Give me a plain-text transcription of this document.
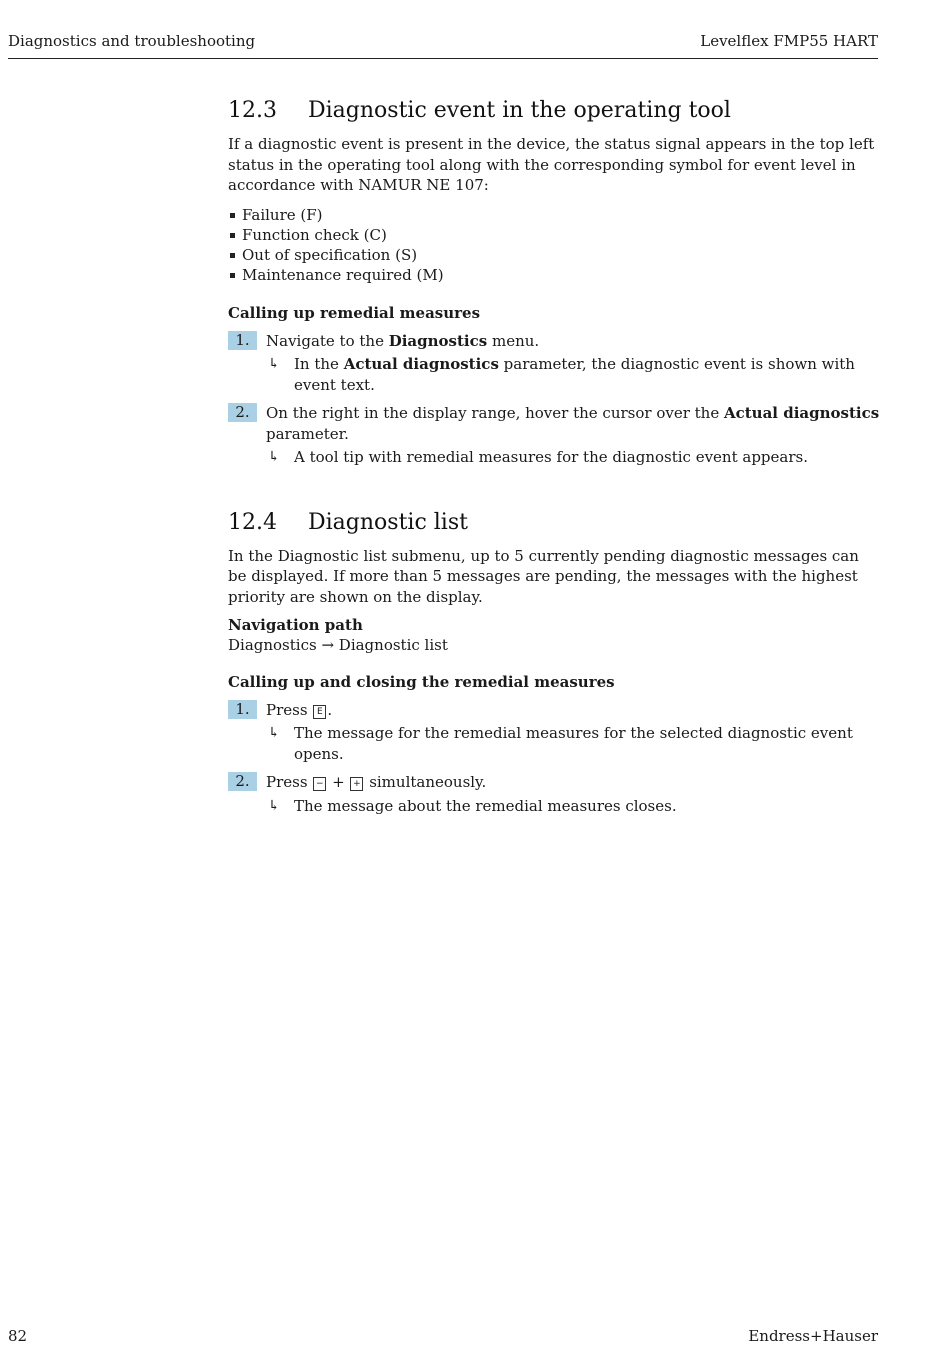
Diagnostics and troubleshooting	Levelflex FMP55 HART
12.3 Diagnostic event in the operating tool

If a diagnostic event is present in the device, the status signal appears in the top left status in the operating tool along with the corresponding symbol for event level in accordance with NAMUR NE 107:

Failure (F)
Function check (C)
Out of specification (S)
Maintenance required (M)
Calling up remedial measures
1.	Navigate to the Diagnostics menu.
↳ In the Actual diagnostics parameter, the diagnostic event is shown with event text.
2.	On the right in the display range, hover the cursor over the Actual diagnostics parameter.
↳ A tool tip with remedial measures for the diagnostic event appears.
12.4 Diagnostic list

In the Diagnostic list submenu, up to 5 currently pending diagnostic messages can be displayed. If more than 5 messages are pending, the messages with the highest priority are shown on the display.

Navigation path

Diagnostics → Diagnostic list

Calling up and closing the remedial measures
1.	Press E .
↳ The message for the remedial measures for the selected diagnostic event opens.
2.	Press − + + simultaneously.
↳ The message about the remedial measures closes.
82	Endress+Hauser
